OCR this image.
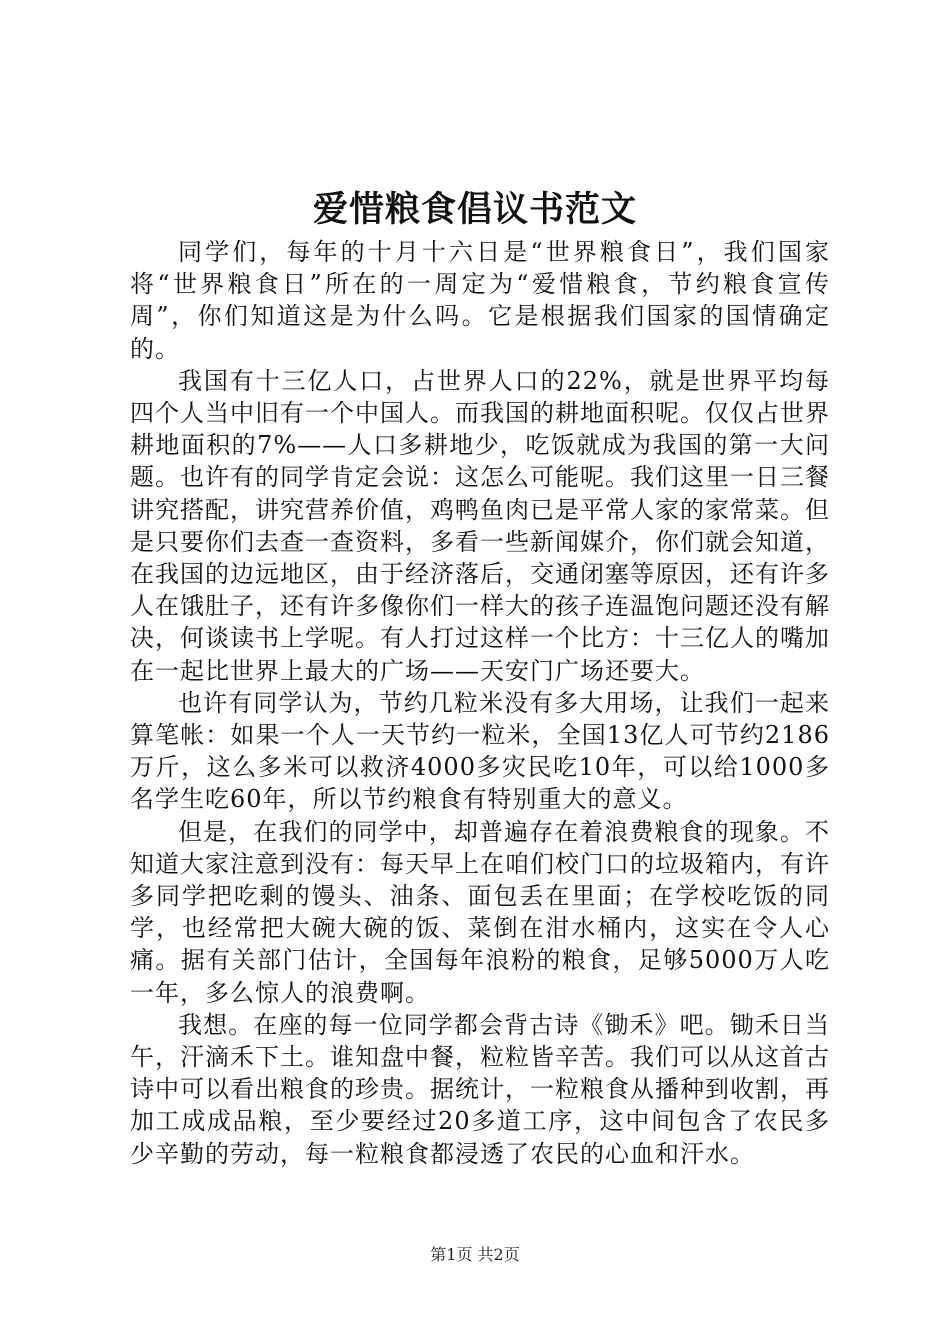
爱惜粮食倡议书范文

同学们，每年的十月十六日是“世界粮食日”，我们国家将“世界粮食日”所在的一周定为“爱惜粮食，节约粮食宣传周”，你们知道这是为什么吗。它是根据我们国家的国情确定的。

我国有十三亿人口，占世界人口的22%，就是世界平均每四个人当中旧有一个中国人。而我国的耕地面积呢。仅仅占世界耕地面积的7%——人口多耕地少，吃饭就成为我国的第一大问题。也许有的同学肯定会说：这怎么可能呢。我们这里一日三餐讲究搭配，讲究营养价值，鸡鸭鱼肉已是平常人家的家常菜。但是只要你们去查一查资料，多看一些新闻媒介，你们就会知道，在我国的边远地区，由于经济落后，交通闭塞等原因，还有许多人在饿肚子，还有许多像你们一样大的孩子连温饱问题还没有解决，何谈读书上学呢。有人打过这样一个比方：十三亿人的嘴加在一起比世界上最大的广场——天安门广场还要大。

也许有同学认为，节约几粒米没有多大用场，让我们一起来算笔帐：如果一个人一天节约一粒米，全国13亿人可节约2186万斤，这么多米可以救济4000多灾民吃10年，可以给1000多名学生吃60年，所以节约粮食有特别重大的意义。

但是，在我们的同学中，却普遍存在着浪费粮食的现象。不知道大家注意到没有：每天早上在咱们校门口的垃圾箱内，有许多同学把吃剩的馒头、油条、面包丢在里面；在学校吃饭的同学，也经常把大碗大碗的饭、菜倒在泔水桶内，这实在令人心痛。据有关部门估计，全国每年浪粉的粮食，足够5000万人吃一年，多么惊人的浪费啊。

我想。在座的每一位同学都会背古诗《锄禾》吧。锄禾日当午，汗滴禾下土。谁知盘中餐，粒粒皆辛苦。我们可以从这首古诗中可以看出粮食的珍贵。据统计，一粒粮食从播种到收割，再加工成成品粮，至少要经过20多道工序，这中间包含了农民多少辛勤的劳动，每一粒粮食都浸透了农民的心血和汗水。

第1页 共2页
